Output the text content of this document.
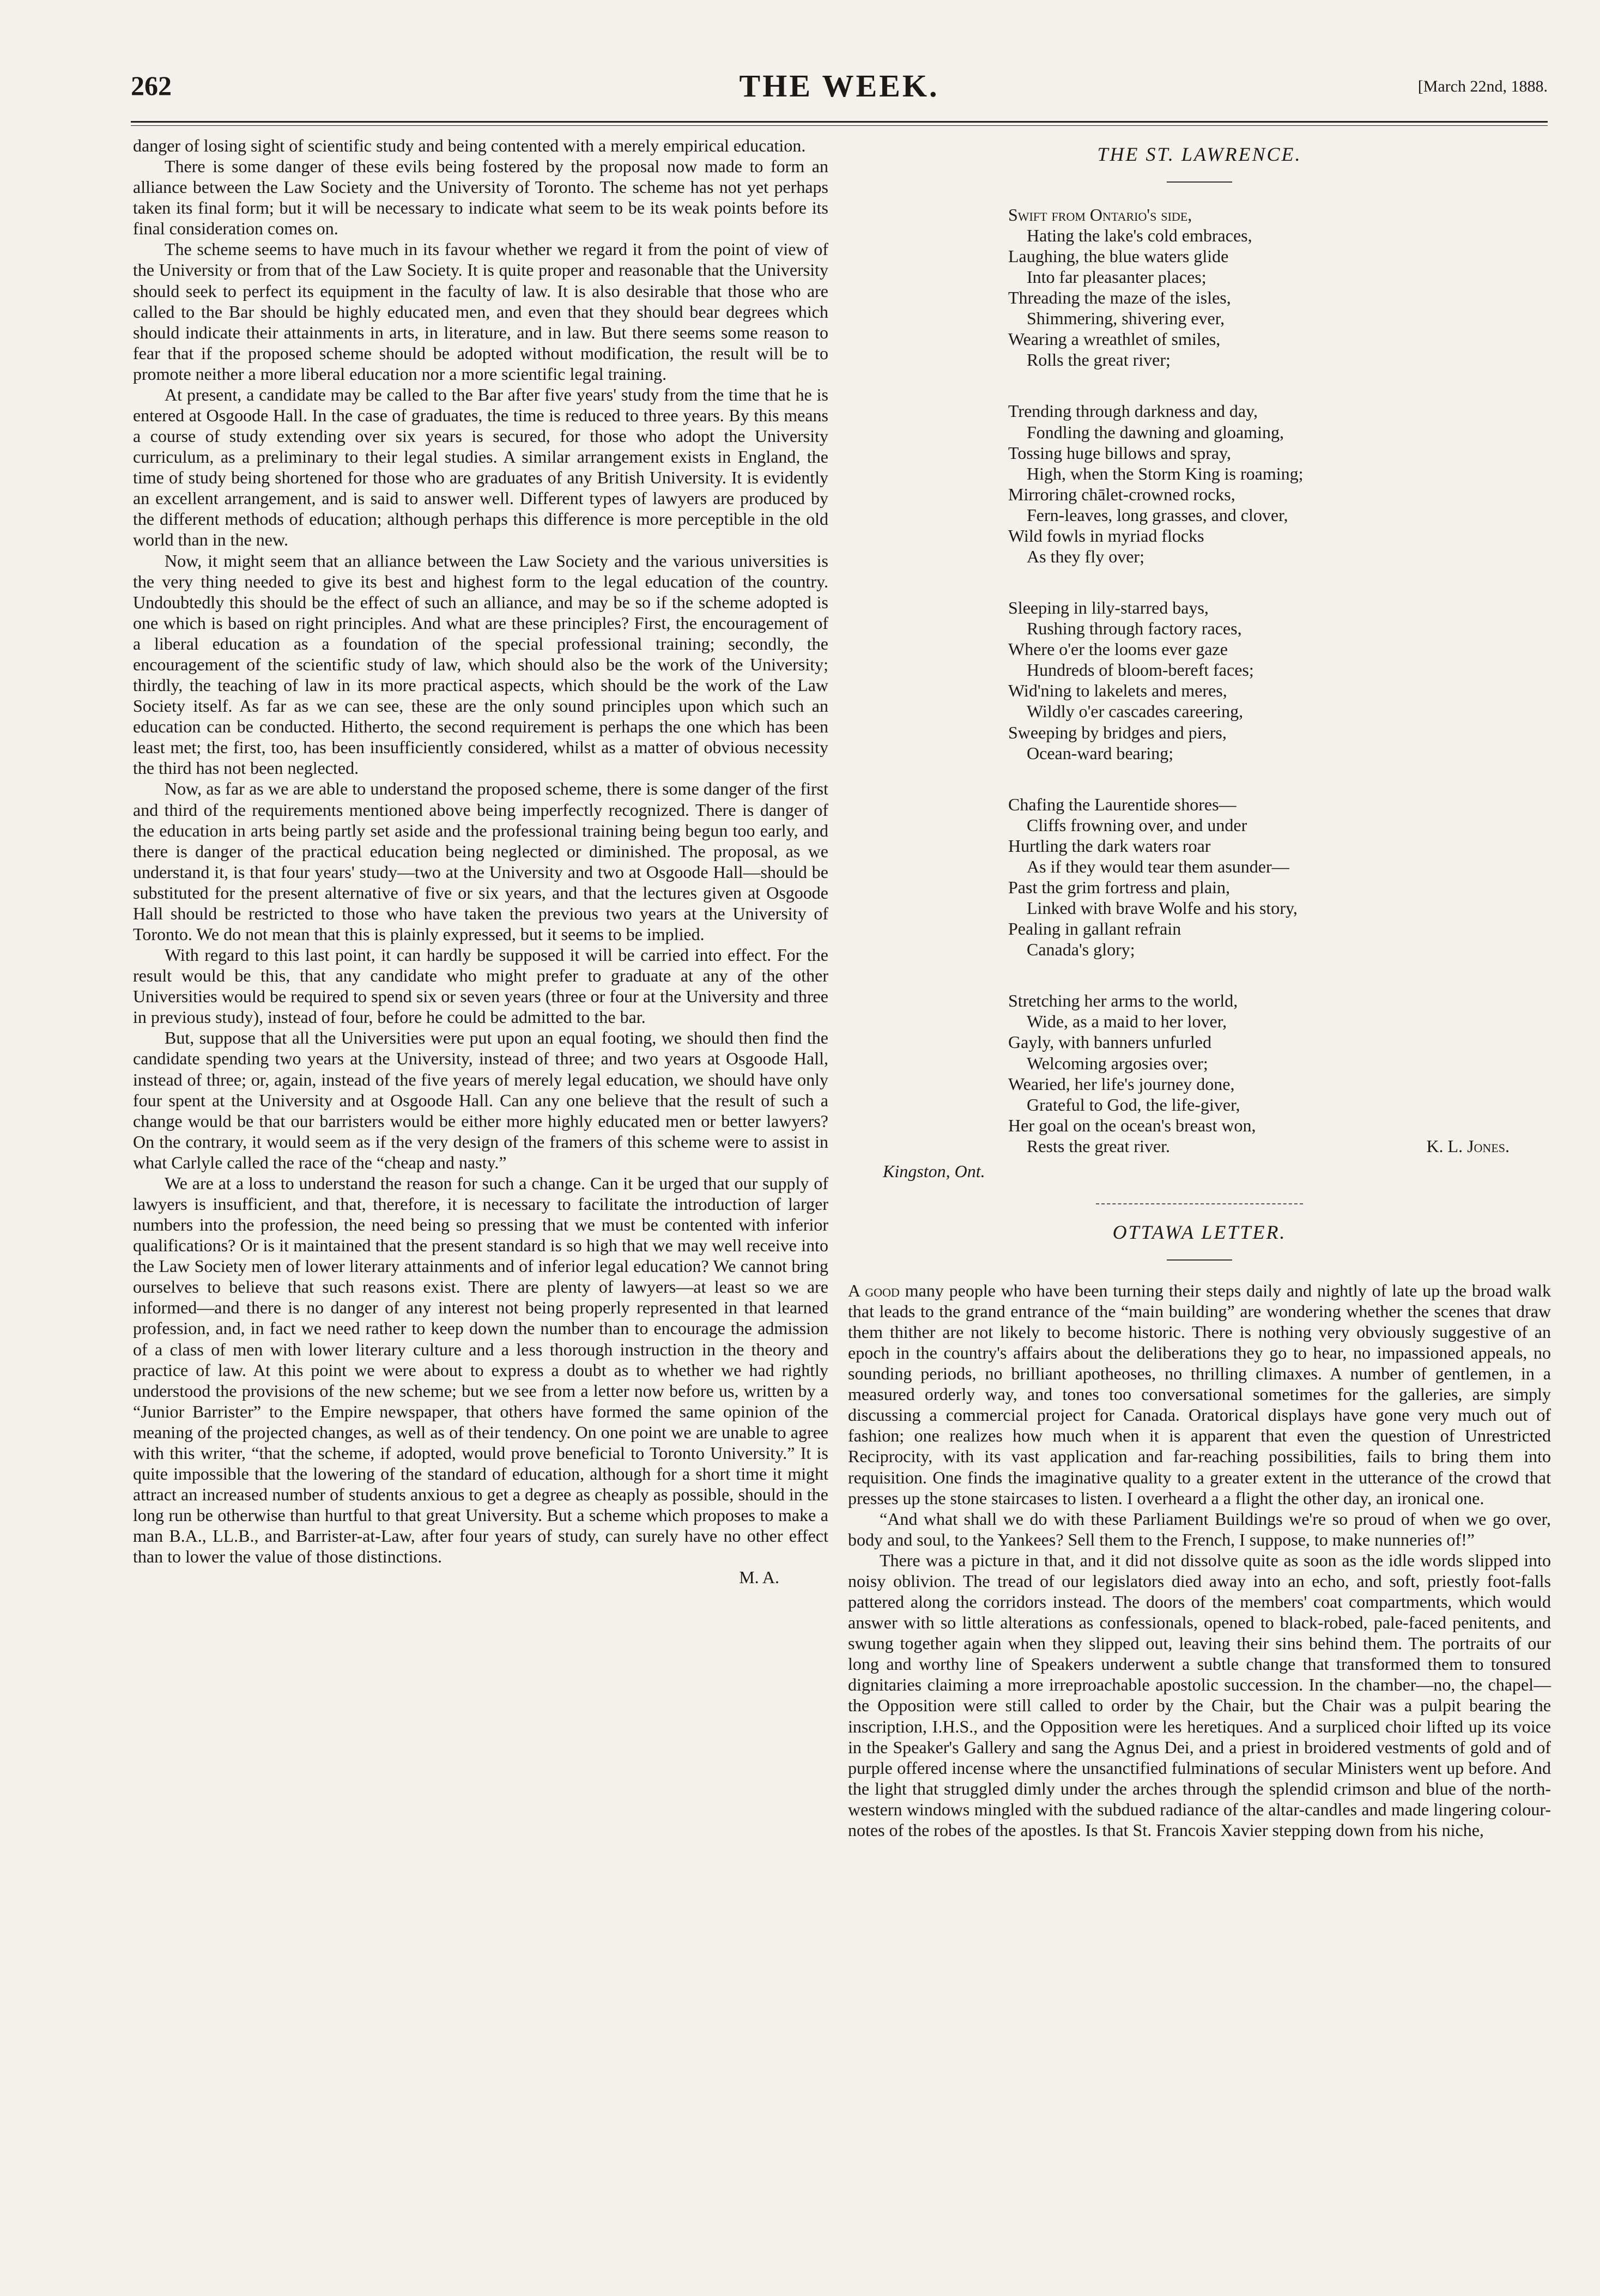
262	THE WEEK.	[March 22nd, 1888.

danger of losing sight of scientific study and being contented with a merely empirical education.

There is some danger of these evils being fostered by the proposal now made to form an alliance between the Law Society and the University of Toronto. The scheme has not yet perhaps taken its final form; but it will be necessary to indicate what seem to be its weak points before its final consideration comes on.

The scheme seems to have much in its favour whether we regard it from the point of view of the University or from that of the Law Society. It is quite proper and reasonable that the University should seek to perfect its equipment in the faculty of law. It is also desirable that those who are called to the Bar should be highly educated men, and even that they should bear degrees which should indicate their attainments in arts, in literature, and in law. But there seems some reason to fear that if the proposed scheme should be adopted without modification, the result will be to promote neither a more liberal education nor a more scientific legal training.

At present, a candidate may be called to the Bar after five years' study from the time that he is entered at Osgoode Hall. In the case of graduates, the time is reduced to three years. By this means a course of study extending over six years is secured, for those who adopt the University curriculum, as a preliminary to their legal studies. A similar arrangement exists in England, the time of study being shortened for those who are graduates of any British University. It is evidently an excellent arrangement, and is said to answer well. Different types of lawyers are produced by the different methods of education; although perhaps this difference is more perceptible in the old world than in the new.

Now, it might seem that an alliance between the Law Society and the various universities is the very thing needed to give its best and highest form to the legal education of the country. Undoubtedly this should be the effect of such an alliance, and may be so if the scheme adopted is one which is based on right principles. And what are these principles? First, the encouragement of a liberal education as a foundation of the special professional training; secondly, the encouragement of the scientific study of law, which should also be the work of the University; thirdly, the teaching of law in its more practical aspects, which should be the work of the Law Society itself. As far as we can see, these are the only sound principles upon which such an education can be conducted. Hitherto, the second requirement is perhaps the one which has been least met; the first, too, has been insufficiently considered, whilst as a matter of obvious necessity the third has not been neglected.

Now, as far as we are able to understand the proposed scheme, there is some danger of the first and third of the requirements mentioned above being imperfectly recognized. There is danger of the education in arts being partly set aside and the professional training being begun too early, and there is danger of the practical education being neglected or diminished. The proposal, as we understand it, is that four years' study—two at the University and two at Osgoode Hall—should be substituted for the present alternative of five or six years, and that the lectures given at Osgoode Hall should be restricted to those who have taken the previous two years at the University of Toronto. We do not mean that this is plainly expressed, but it seems to be implied.

With regard to this last point, it can hardly be supposed it will be carried into effect. For the result would be this, that any candidate who might prefer to graduate at any of the other Universities would be required to spend six or seven years (three or four at the University and three in previous study), instead of four, before he could be admitted to the bar.

But, suppose that all the Universities were put upon an equal footing, we should then find the candidate spending two years at the University, instead of three; and two years at Osgoode Hall, instead of three; or, again, instead of the five years of merely legal education, we should have only four spent at the University and at Osgoode Hall. Can any one believe that the result of such a change would be that our barristers would be either more highly educated men or better lawyers? On the contrary, it would seem as if the very design of the framers of this scheme were to assist in what Carlyle called the race of the “cheap and nasty.”

We are at a loss to understand the reason for such a change. Can it be urged that our supply of lawyers is insufficient, and that, therefore, it is necessary to facilitate the introduction of larger numbers into the profession, the need being so pressing that we must be contented with inferior qualifications? Or is it maintained that the present standard is so high that we may well receive into the Law Society men of lower literary attainments and of inferior legal education? We cannot bring ourselves to believe that such reasons exist. There are plenty of lawyers—at least so we are informed—and there is no danger of any interest not being properly represented in that learned profession, and, in fact we need rather to keep down the number than to encourage the admission of a class of men with lower literary culture and a less thorough instruction in the theory and practice of law. At this point we were about to express a doubt as to whether we had rightly understood the provisions of the new scheme; but we see from a letter now before us, written by a “Junior Barrister” to the Empire newspaper, that others have formed the same opinion of the meaning of the projected changes, as well as of their tendency. On one point we are unable to agree with this writer, “that the scheme, if adopted, would prove beneficial to Toronto University.” It is quite impossible that the lowering of the standard of education, although for a short time it might attract an increased number of students anxious to get a degree as cheaply as possible, should in the long run be otherwise than hurtful to that great University. But a scheme which proposes to make a man B.A., LL.B., and Barrister-at-Law, after four years of study, can surely have no other effect than to lower the value of those distinctions.

M. A.
THE ST. LAWRENCE.
Swift from Ontario's side,
Hating the lake's cold embraces,
Laughing, the blue waters glide
Into far pleasanter places;
Threading the maze of the isles,
Shimmering, shivering ever,
Wearing a wreathlet of smiles,
Rolls the great river;
Trending through darkness and day,
Fondling the dawning and gloaming,
Tossing huge billows and spray,
High, when the Storm King is roaming;
Mirroring chālet-crowned rocks,
Fern-leaves, long grasses, and clover,
Wild fowls in myriad flocks
As they fly over;
Sleeping in lily-starred bays,
Rushing through factory races,
Where o'er the looms ever gaze
Hundreds of bloom-bereft faces;
Wid'ning to lakelets and meres,
Wildly o'er cascades careering,
Sweeping by bridges and piers,
Ocean-ward bearing;
Chafing the Laurentide shores—
Cliffs frowning over, and under
Hurtling the dark waters roar
As if they would tear them asunder—
Past the grim fortress and plain,
Linked with brave Wolfe and his story,
Pealing in gallant refrain
Canada's glory;
Stretching her arms to the world,
Wide, as a maid to her lover,
Gayly, with banners unfurled
Welcoming argosies over;
Wearied, her life's journey done,
Grateful to God, the life-giver,
Her goal on the ocean's breast won,
Rests the great river.	K. L. Jones.
Kingston, Ont.
OTTAWA LETTER.

A good many people who have been turning their steps daily and nightly of late up the broad walk that leads to the grand entrance of the “main building” are wondering whether the scenes that draw them thither are not likely to become historic. There is nothing very obviously suggestive of an epoch in the country's affairs about the deliberations they go to hear, no impassioned appeals, no sounding periods, no brilliant apotheoses, no thrilling climaxes. A number of gentlemen, in a measured orderly way, and tones too conversational sometimes for the galleries, are simply discussing a commercial project for Canada. Oratorical displays have gone very much out of fashion; one realizes how much when it is apparent that even the question of Unrestricted Reciprocity, with its vast application and far-reaching possibilities, fails to bring them into requisition. One finds the imaginative quality to a greater extent in the utterance of the crowd that presses up the stone staircases to listen. I overheard a a flight the other day, an ironical one.

“And what shall we do with these Parliament Buildings we're so proud of when we go over, body and soul, to the Yankees? Sell them to the French, I suppose, to make nunneries of!”

There was a picture in that, and it did not dissolve quite as soon as the idle words slipped into noisy oblivion. The tread of our legislators died away into an echo, and soft, priestly foot-falls pattered along the corridors instead. The doors of the members' coat compartments, which would answer with so little alterations as confessionals, opened to black-robed, pale-faced penitents, and swung together again when they slipped out, leaving their sins behind them. The portraits of our long and worthy line of Speakers underwent a subtle change that transformed them to tonsured dignitaries claiming a more irreproachable apostolic succession. In the chamber—no, the chapel—the Opposition were still called to order by the Chair, but the Chair was a pulpit bearing the inscription, I.H.S., and the Opposition were les heretiques. And a surpliced choir lifted up its voice in the Speaker's Gallery and sang the Agnus Dei, and a priest in broidered vestments of gold and of purple offered incense where the unsanctified fulminations of secular Ministers went up before. And the light that struggled dimly under the arches through the splendid crimson and blue of the north-western windows mingled with the subdued radiance of the altar-candles and made lingering colour-notes of the robes of the apostles. Is that St. Francois Xavier stepping down from his niche,
